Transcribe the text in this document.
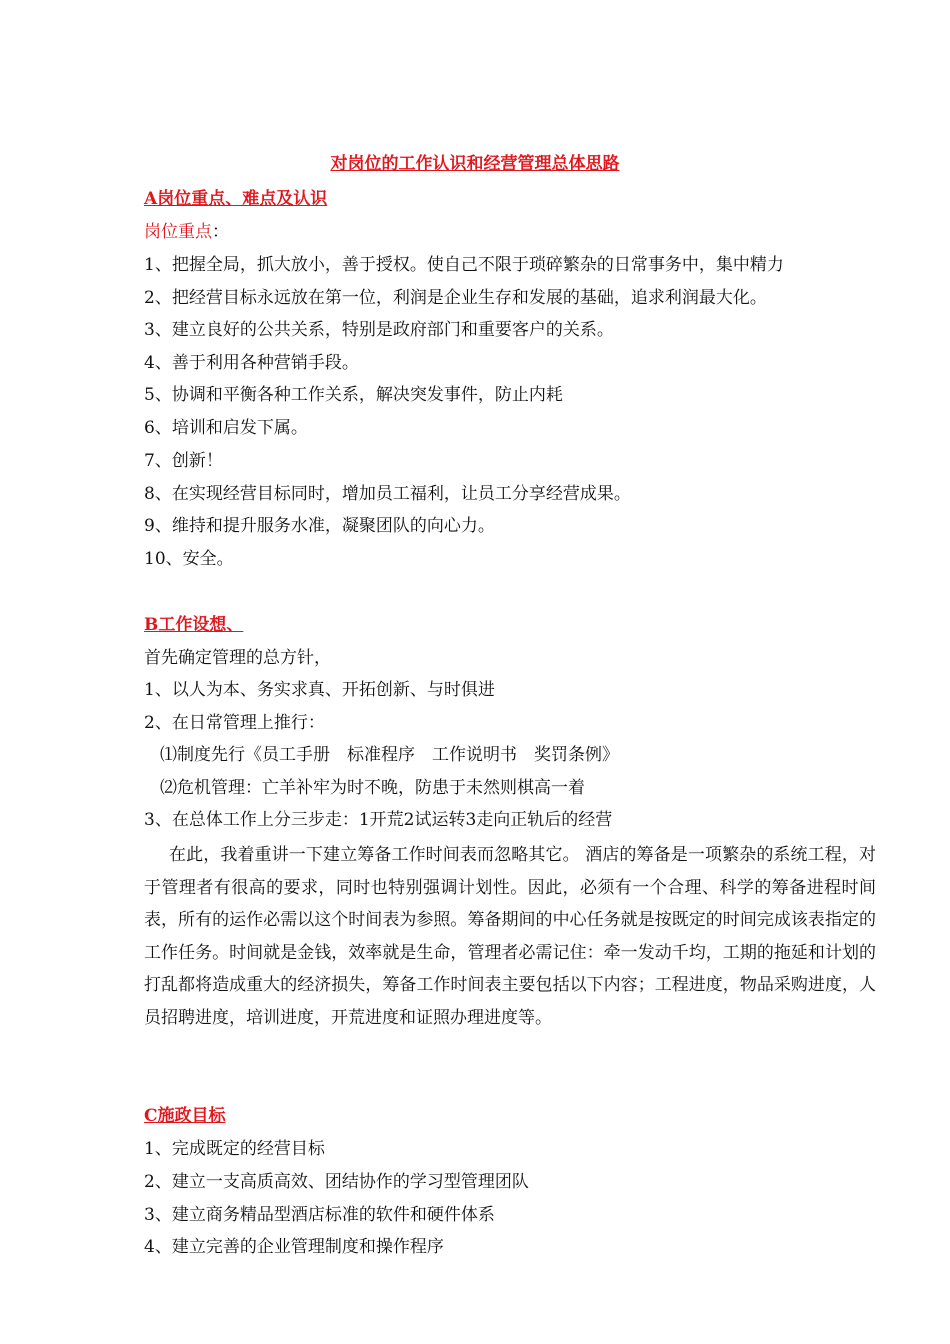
对岗位的工作认识和经营管理总体思路
A岗位重点、难点及认识
岗位重点：
1、把握全局，抓大放小，善于授权。使自己不限于琐碎繁杂的日常事务中，集中精力
2、把经营目标永远放在第一位，利润是企业生存和发展的基础，追求利润最大化。
3、建立良好的公共关系，特别是政府部门和重要客户的关系。
4、善于利用各种营销手段。
5、协调和平衡各种工作关系，解决突发事件，防止内耗
6、培训和启发下属。
7、创新！
8、在实现经营目标同时，增加员工福利，让员工分享经营成果。
9、维持和提升服务水准，凝聚团队的向心力。
10、安全。
B工作设想、
首先确定管理的总方针，
1、以人为本、务实求真、开拓创新、与时俱进
2、在日常管理上推行：
⑴制度先行《员工手册　标准程序　工作说明书　奖罚条例》
⑵危机管理：亡羊补牢为时不晚，防患于未然则棋高一着
3、在总体工作上分三步走：1开荒2试运转3走向正轨后的经营
在此，我着重讲一下建立筹备工作时间表而忽略其它。 酒店的筹备是一项繁杂的系统工程，对于管理者有很高的要求，同时也特别强调计划性。因此，必须有一个合理、科学的筹备进程时间表，所有的运作必需以这个时间表为参照。筹备期间的中心任务就是按既定的时间完成该表指定的工作任务。时间就是金钱，效率就是生命，管理者必需记住：牵一发动千均，工期的拖延和计划的打乱都将造成重大的经济损失，筹备工作时间表主要包括以下内容；工程进度，物品采购进度，人员招聘进度，培训进度，开荒进度和证照办理进度等。
C施政目标
1、完成既定的经营目标
2、建立一支高质高效、团结协作的学习型管理团队
3、建立商务精品型酒店标准的软件和硬件体系
4、建立完善的企业管理制度和操作程序
